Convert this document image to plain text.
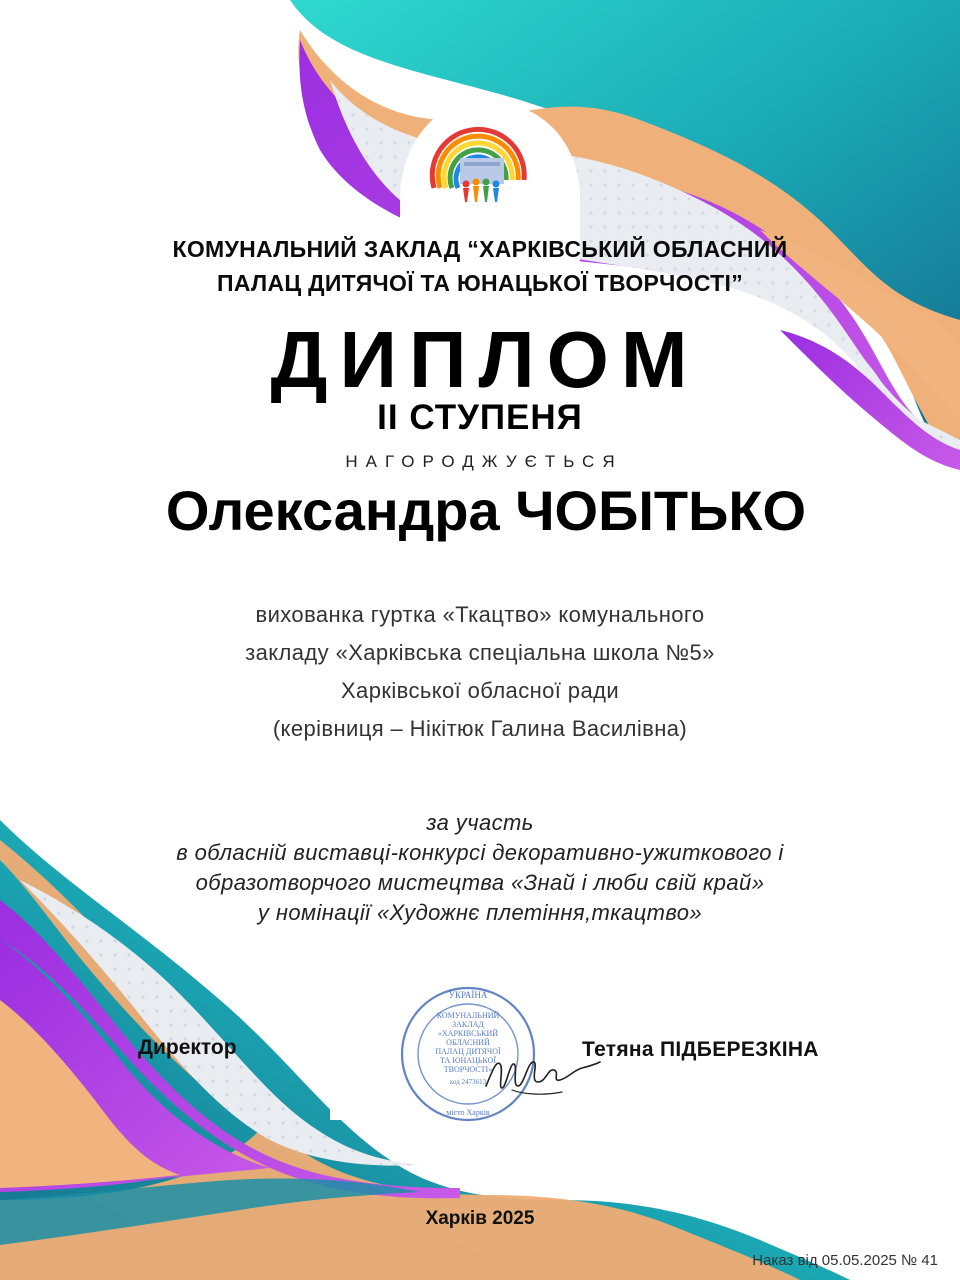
КОМУНАЛЬНИЙ ЗАКЛАД “ХАРКІВСЬКИЙ ОБЛАСНИЙ
ПАЛАЦ ДИТЯЧОЇ ТА ЮНАЦЬКОЇ ТВОРЧОСТІ”
ДИПЛОМ
ІІ СТУПЕНЯ
НАГОРОДЖУЄТЬСЯ
Олександра ЧОБІТЬКО
вихованка гуртка «Ткацтво» комунального
закладу «Харківська спеціальна школа №5»
Харківської обласної ради
(керівниця – Нікітюк Галина Василівна)
за участь
в обласній виставці-конкурсі декоративно-ужиткового і
образотворчого мистецтва «Знай і люби свій край»
у номінації «Художнє плетіння,ткацтво»
УКРАЇНА
КОМУНАЛЬНИЙ
ЗАКЛАД
«ХАРКІВСЬКИЙ
ОБЛАСНИЙ
ПАЛАЦ ДИТЯЧОЇ
ТА ЮНАЦЬКОЇ
ТВОРЧОСТІ»
код 2473613
місто Харків

Директор	Тетяна ПІДБЕРЕЗКІНА

Харків 2025

Наказ від 05.05.2025 № 41
